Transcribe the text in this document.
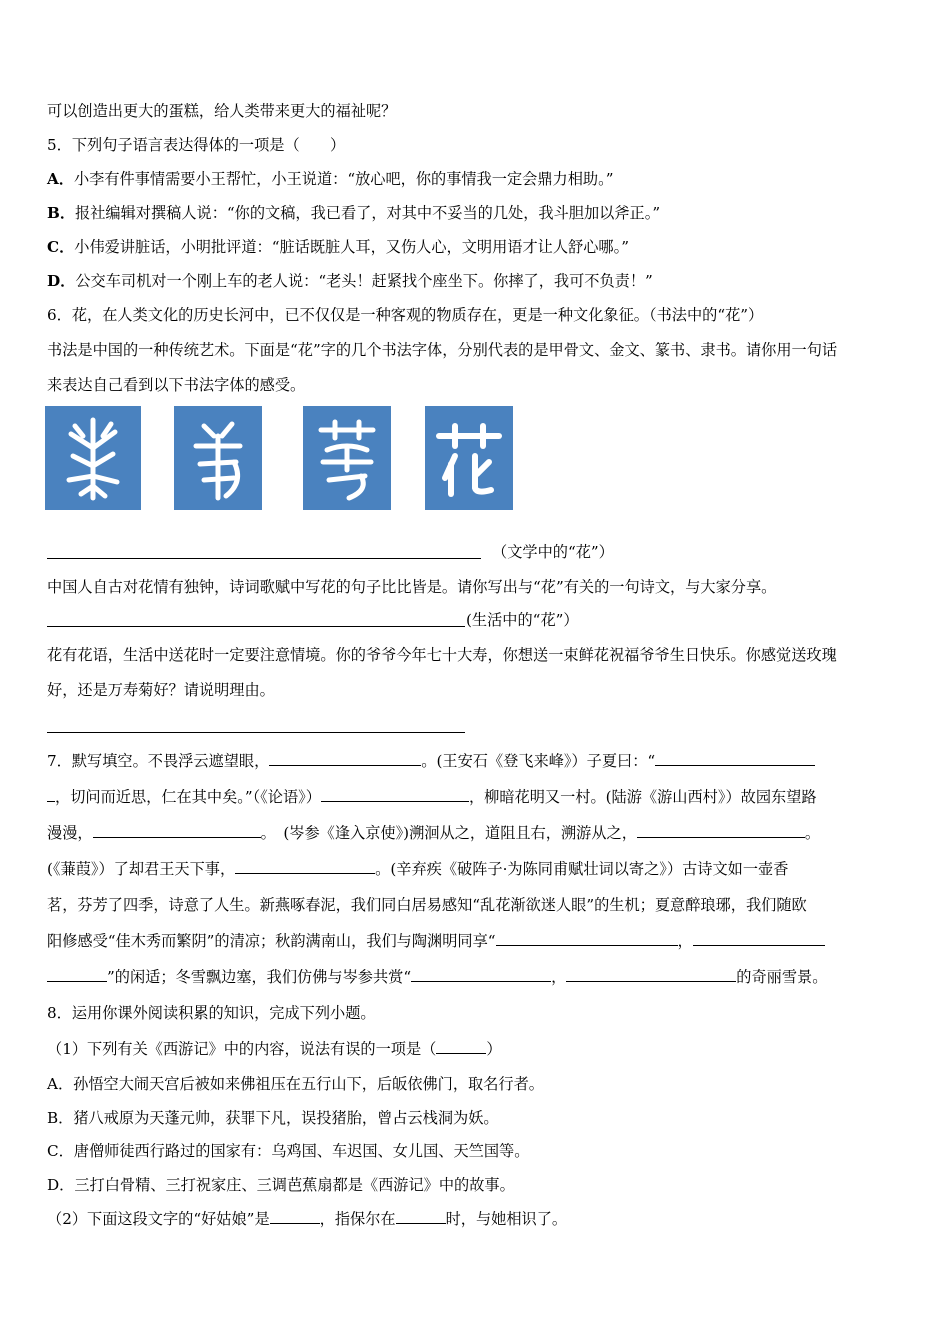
可以创造出更大的蛋糕，给人类带来更大的福祉呢？
5．下列句子语言表达得体的一项是（　　）
A．小李有件事情需要小王帮忙，小王说道：“放心吧，你的事情我一定会鼎力相助。”
B．报社编辑对撰稿人说：“你的文稿，我已看了，对其中不妥当的几处，我斗胆加以斧正。”
C．小伟爱讲脏话，小明批评道：“脏话既脏人耳，又伤人心，文明用语才让人舒心哪。”
D．公交车司机对一个刚上车的老人说：“老头！赶紧找个座坐下。你摔了，我可不负责！”
6．花，在人类文化的历史长河中，已不仅仅是一种客观的物质存在，更是一种文化象征。（书法中的“花”）
书法是中国的一种传统艺术。下面是“花”字的几个书法字体，分别代表的是甲骨文、金文、篆书、隶书。请你用一句话
来表达自己看到以下书法字体的感受。
（文学中的“花”）
中国人自古对花情有独钟，诗词歌赋中写花的句子比比皆是。请你写出与“花”有关的一句诗文，与大家分享。
(生活中的“花”）
花有花语，生活中送花时一定要注意情境。你的爷爷今年七十大寿，你想送一束鲜花祝福爷爷生日快乐。你感觉送玫瑰
好，还是万寿菊好？请说明理由。
7．默写填空。不畏浮云遮望眼，	。(王安石《登飞来峰》）子夏曰：“
，切问而近思，仁在其中矣。”（《论语》）	，柳暗花明又一村。(陆游《游山西村》）故园东望路
漫漫，	。　(岑参《逢入京使》)溯洄从之，道阻且右，溯游从之，	。
(《蒹葭》）了却君王天下事，	。(辛弃疾《破阵子·为陈同甫赋壮词以寄之》）古诗文如一壶香
茗，芬芳了四季，诗意了人生。新燕啄春泥，我们同白居易感知“乱花渐欲迷人眼”的生机；夏意醉琅琊，我们随欧
阳修感受“佳木秀而繁阴”的清凉；秋韵满南山，我们与陶渊明同享“	，
”的闲适；冬雪飘边塞，我们仿佛与岑参共赏“	，	的奇丽雪景。
8．运用你课外阅读积累的知识，完成下列小题。
（1）下列有关《西游记》中的内容，说法有误的一项是（	）
A．孙悟空大闹天宫后被如来佛祖压在五行山下，后皈依佛门，取名行者。
B．猪八戒原为天蓬元帅，获罪下凡，误投猪胎，曾占云栈洞为妖。
C．唐僧师徒西行路过的国家有：乌鸡国、车迟国、女儿国、天竺国等。
D．三打白骨精、三打祝家庄、三调芭蕉扇都是《西游记》中的故事。
（2）下面这段文字的“好姑娘”是	，指保尔在	时，与她相识了。
